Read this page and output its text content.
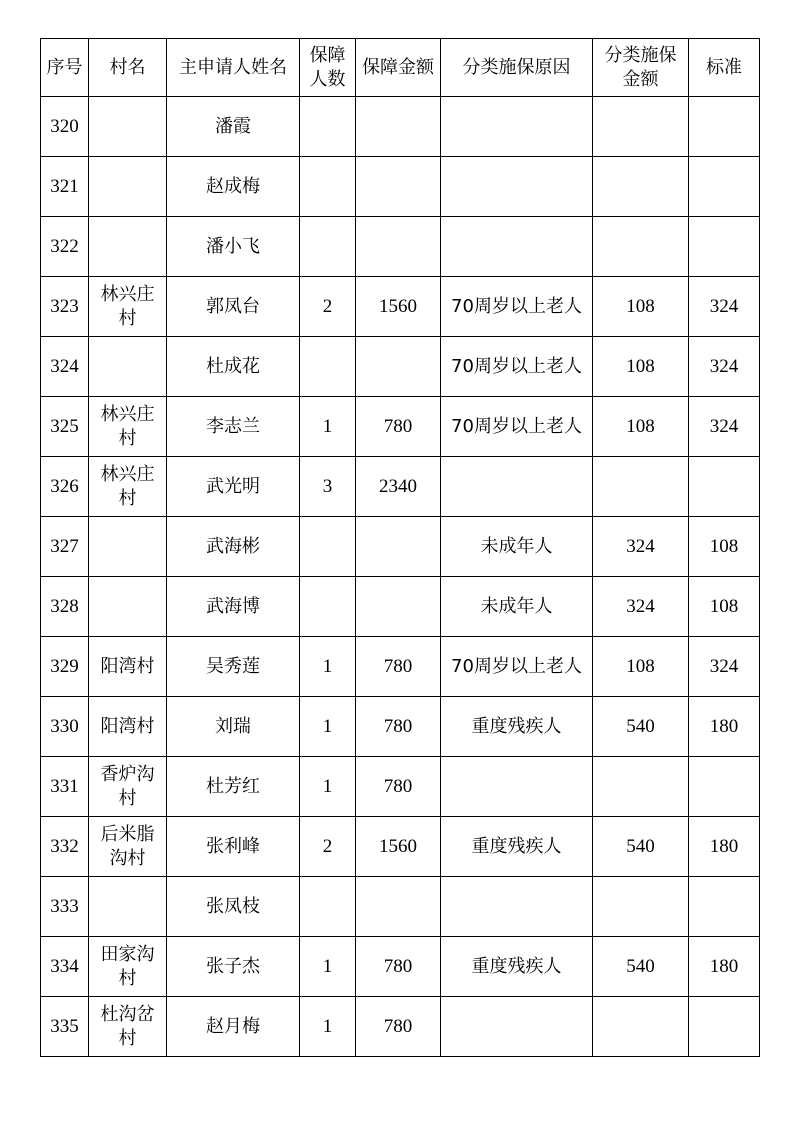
序号	村名	主申请人姓名	保障人数	保障金额	分类施保原因	分类施保金额	标准
320		潘霞					
321		赵成梅					
322		潘小飞					
323	林兴庄村	郭凤台	2	1560	70周岁以上老人	108	324
324		杜成花			70周岁以上老人	108	324
325	林兴庄村	李志兰	1	780	70周岁以上老人	108	324
326	林兴庄村	武光明	3	2340			
327		武海彬			未成年人	324	108
328		武海博			未成年人	324	108
329	阳湾村	吴秀莲	1	780	70周岁以上老人	108	324
330	阳湾村	刘瑞	1	780	重度残疾人	540	180
331	香炉沟村	杜芳红	1	780			
332	后米脂沟村	张利峰	2	1560	重度残疾人	540	180
333		张凤枝					
334	田家沟村	张子杰	1	780	重度残疾人	540	180
335	杜沟岔村	赵月梅	1	780			
